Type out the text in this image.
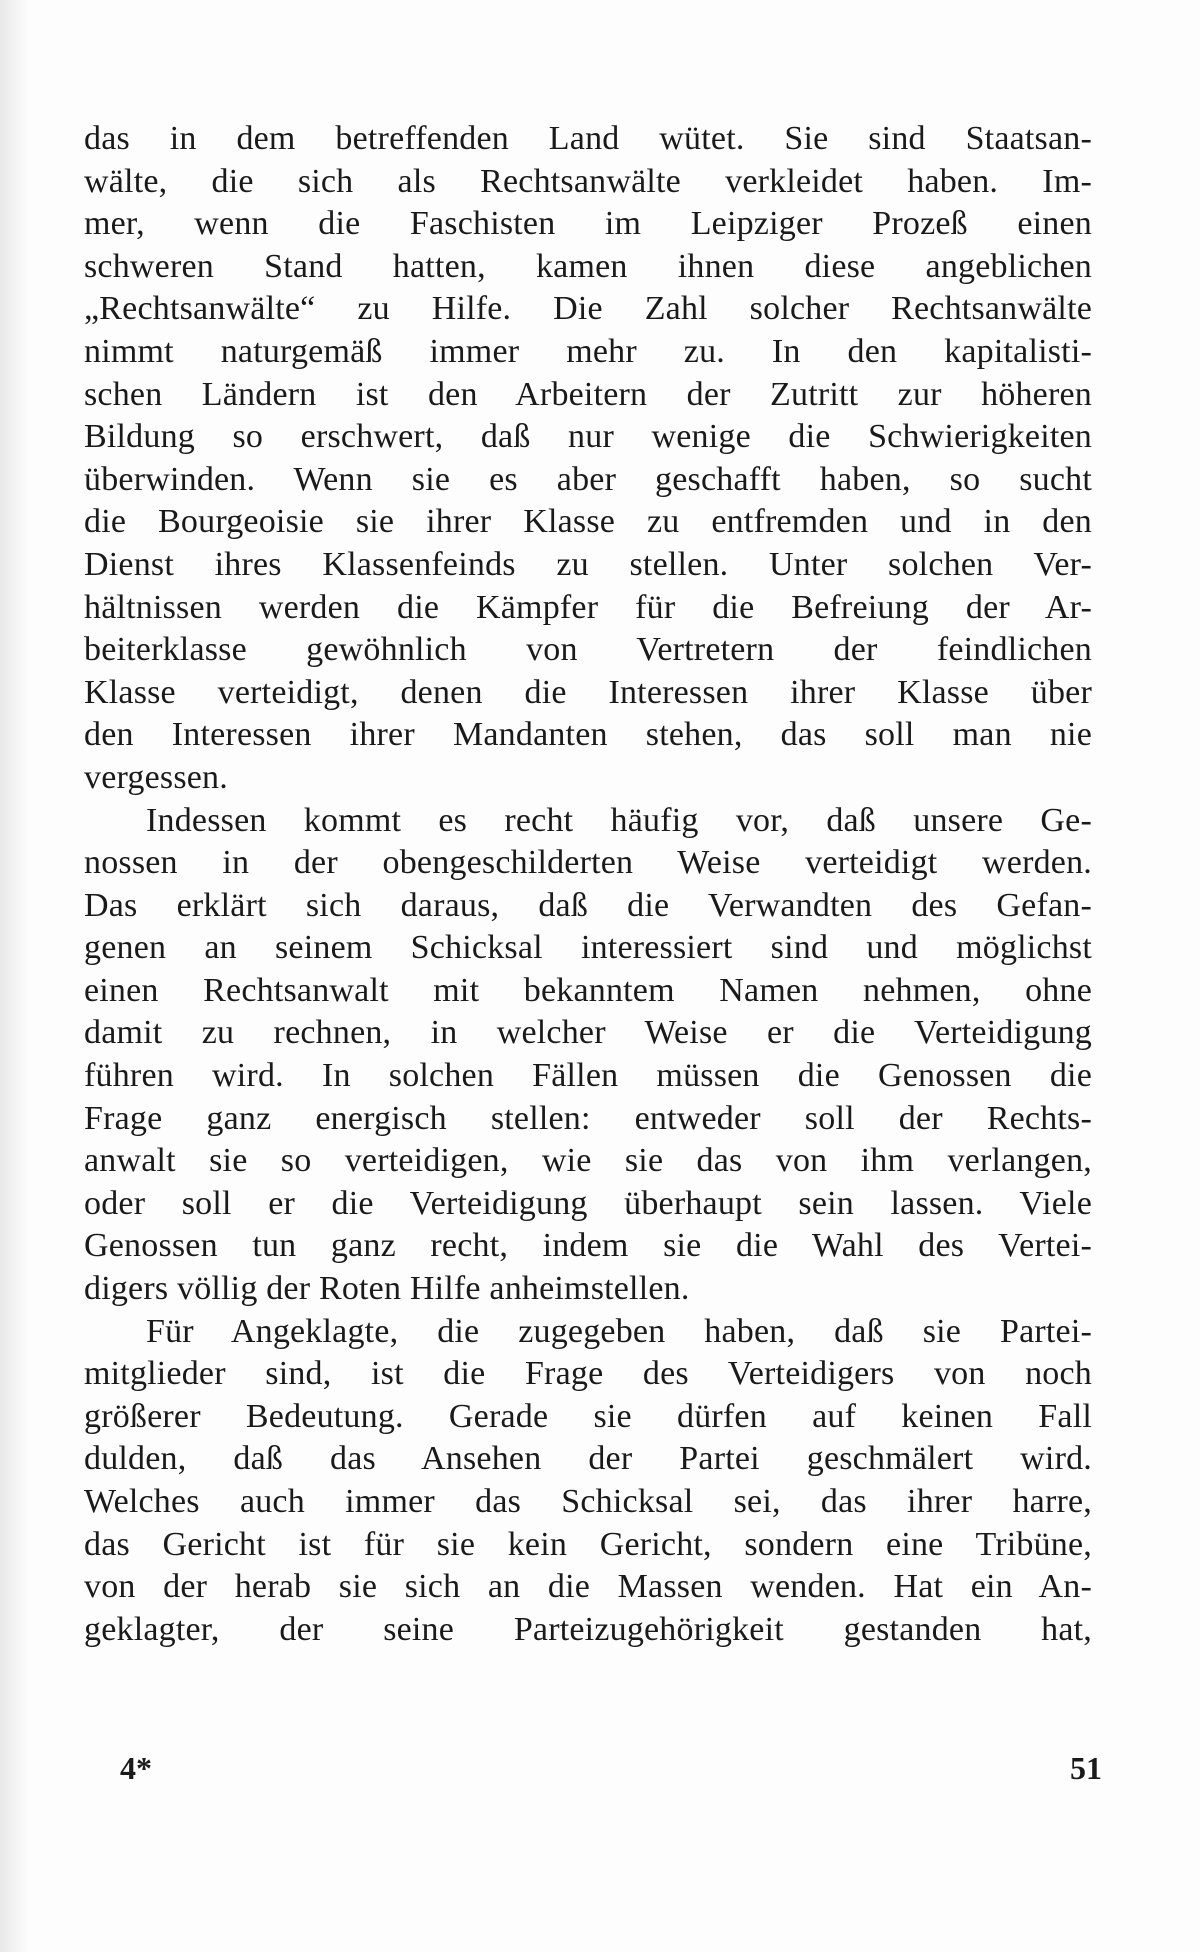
das in dem betreffenden Land wütet. Sie sind Staatsan-
wälte, die sich als Rechtsanwälte verkleidet haben. Im-
mer, wenn die Faschisten im Leipziger Prozeß einen
schweren Stand hatten, kamen ihnen diese angeblichen
„Rechtsanwälte“ zu Hilfe. Die Zahl solcher Rechtsanwälte
nimmt naturgemäß immer mehr zu. In den kapitalisti-
schen Ländern ist den Arbeitern der Zutritt zur höheren
Bildung so erschwert, daß nur wenige die Schwierigkeiten
überwinden. Wenn sie es aber geschafft haben, so sucht
die Bourgeoisie sie ihrer Klasse zu entfremden und in den
Dienst ihres Klassenfeinds zu stellen. Unter solchen Ver-
hältnissen werden die Kämpfer für die Befreiung der Ar-
beiterklasse gewöhnlich von Vertretern der feindlichen
Klasse verteidigt, denen die Interessen ihrer Klasse über
den Interessen ihrer Mandanten stehen, das soll man nie
vergessen.
Indessen kommt es recht häufig vor, daß unsere Ge-
nossen in der obengeschilderten Weise verteidigt werden.
Das erklärt sich daraus, daß die Verwandten des Gefan-
genen an seinem Schicksal interessiert sind und möglichst
einen Rechtsanwalt mit bekanntem Namen nehmen, ohne
damit zu rechnen, in welcher Weise er die Verteidigung
führen wird. In solchen Fällen müssen die Genossen die
Frage ganz energisch stellen: entweder soll der Rechts-
anwalt sie so verteidigen, wie sie das von ihm verlangen,
oder soll er die Verteidigung überhaupt sein lassen. Viele
Genossen tun ganz recht, indem sie die Wahl des Vertei-
digers völlig der Roten Hilfe anheimstellen.
Für Angeklagte, die zugegeben haben, daß sie Partei-
mitglieder sind, ist die Frage des Verteidigers von noch
größerer Bedeutung. Gerade sie dürfen auf keinen Fall
dulden, daß das Ansehen der Partei geschmälert wird.
Welches auch immer das Schicksal sei, das ihrer harre,
das Gericht ist für sie kein Gericht, sondern eine Tribüne,
von der herab sie sich an die Massen wenden. Hat ein An-
geklagter, der seine Parteizugehörigkeit gestanden hat,
4*	51
